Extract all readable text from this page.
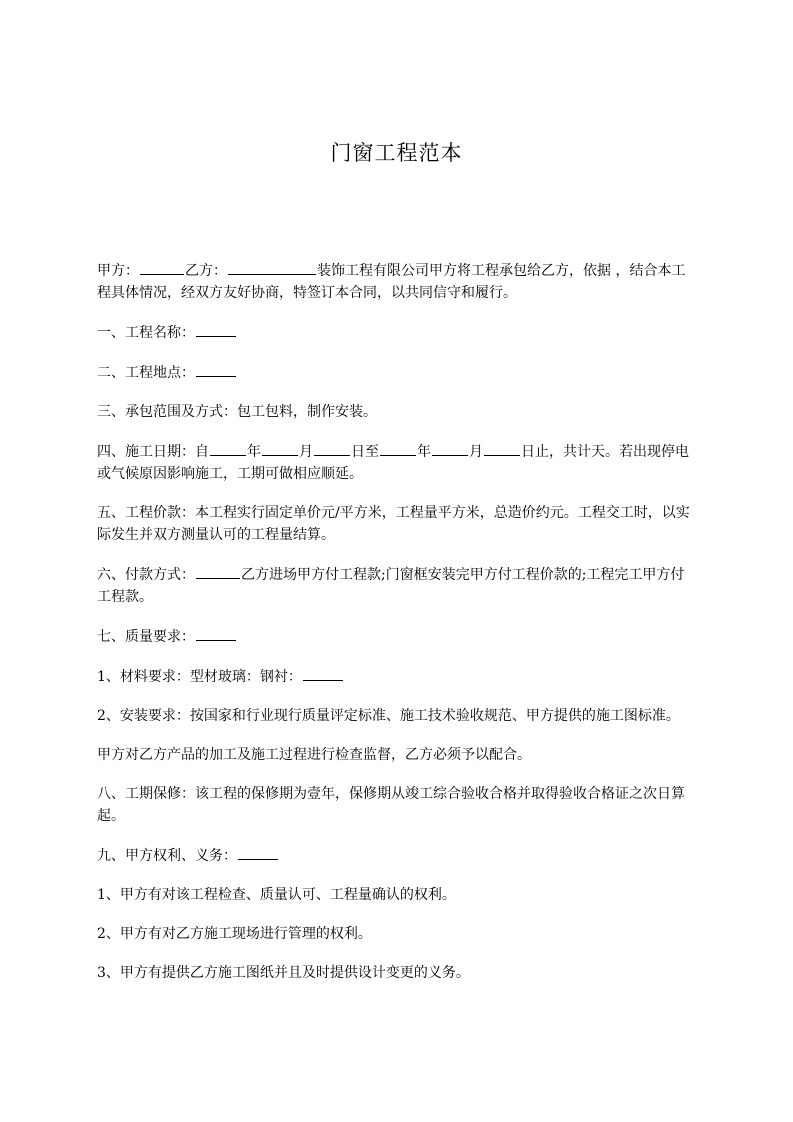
门窗工程范本

甲方：	乙方：	装饰工程有限公司甲方将工程承包给乙方，依据 ，结合本工程具体情况，经双方友好协商，特签订本合同，以共同信守和履行。

一、工程名称：

二、工程地点：

三、承包范围及方式：包工包料，制作安装。

四、施工日期：自	年	月	日至	年	月	日止，共计天。若出现停电或气候原因影响施工，工期可做相应顺延。

五、工程价款：本工程实行固定单价元/平方米，工程量平方米，总造价约元。工程交工时，以实际发生并双方测量认可的工程量结算。

六、付款方式：	乙方进场甲方付工程款;门窗框安装完甲方付工程价款的;工程完工甲方付工程款。

七、质量要求：

1、材料要求：型材玻璃：钢衬：

2、安装要求：按国家和行业现行质量评定标准、施工技术验收规范、甲方提供的施工图标准。

甲方对乙方产品的加工及施工过程进行检查监督，乙方必须予以配合。

八、工期保修：该工程的保修期为壹年，保修期从竣工综合验收合格并取得验收合格证之次日算起。

九、甲方权利、义务：

1、甲方有对该工程检查、质量认可、工程量确认的权利。

2、甲方有对乙方施工现场进行管理的权利。

3、甲方有提供乙方施工图纸并且及时提供设计变更的义务。
